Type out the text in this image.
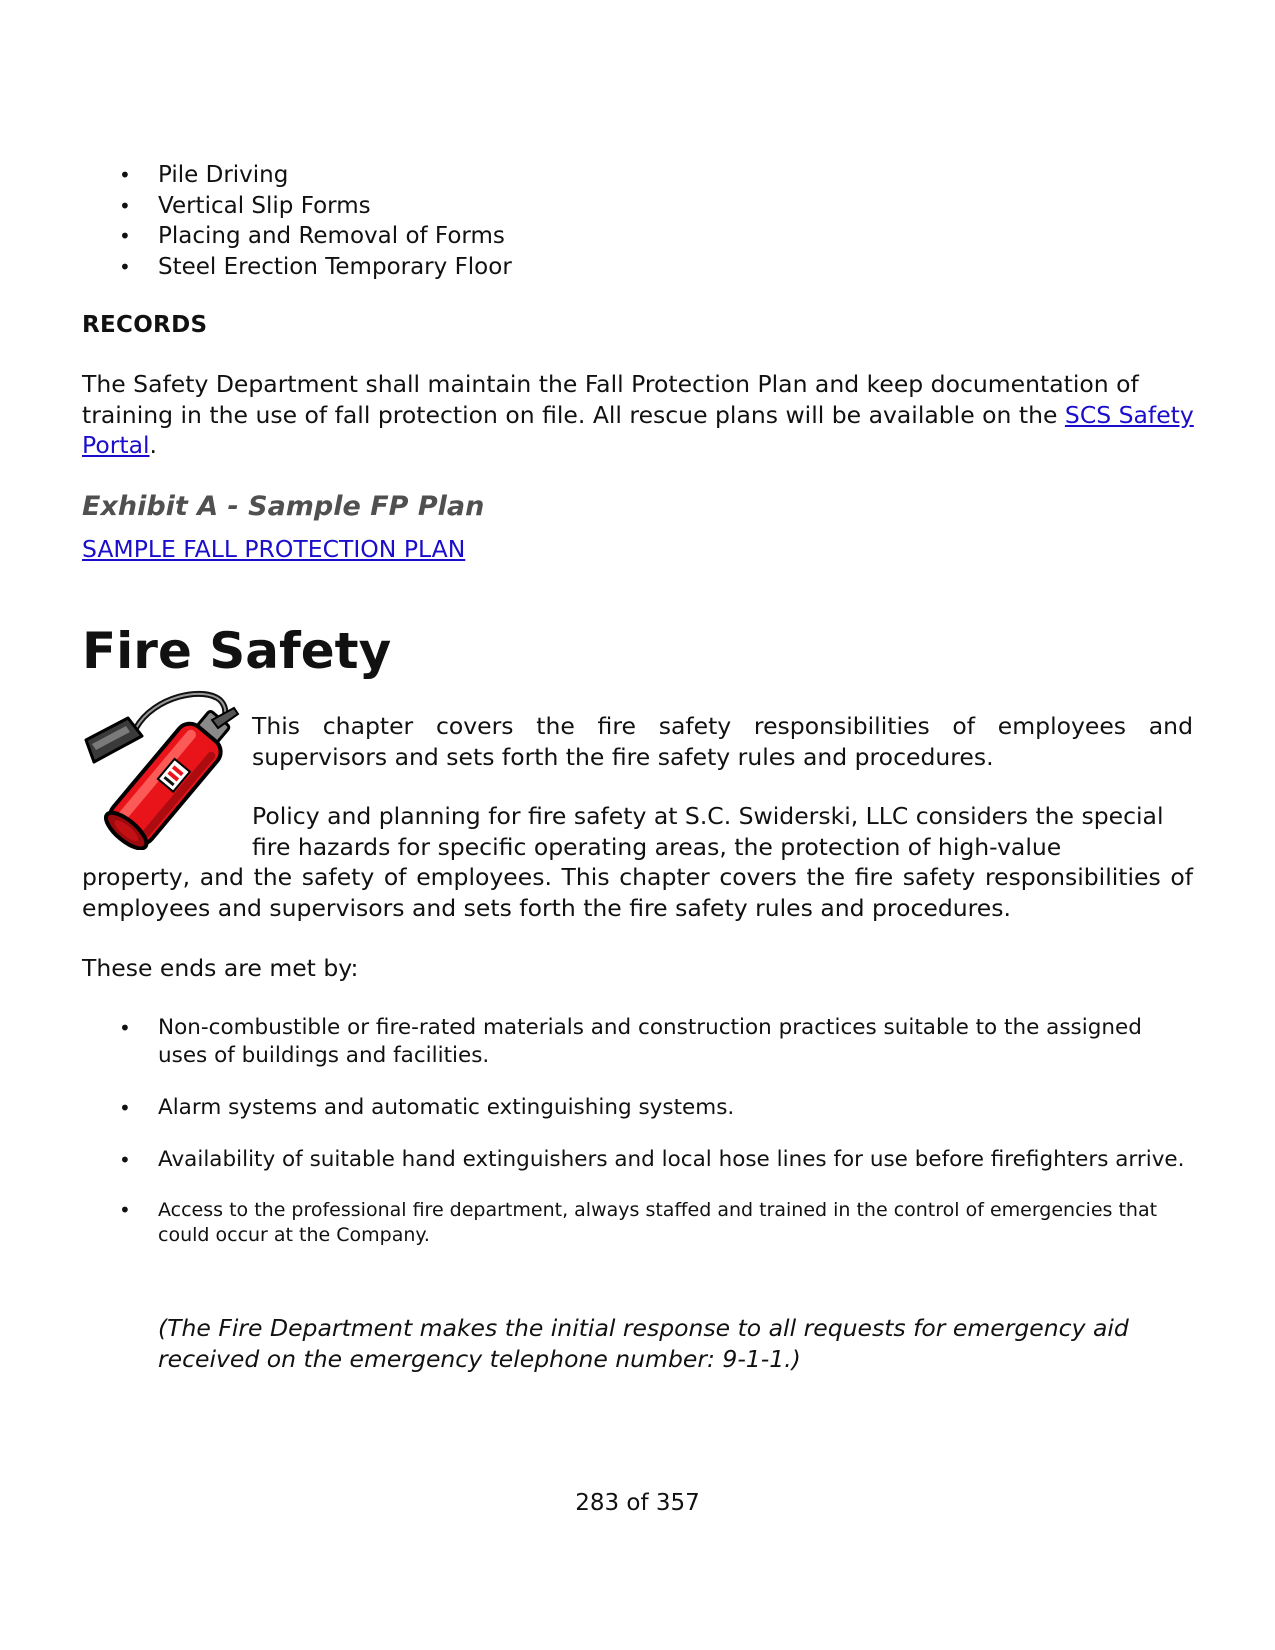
• Pile Driving
• Vertical Slip Forms
• Placing and Removal of Forms
• Steel Erection Temporary Floor
RECORDS

The Safety Department shall maintain the Fall Protection Plan and keep documentation of training in the use of fall protection on file. All rescue plans will be available on the SCS Safety Portal.

Exhibit A - Sample FP Plan
SAMPLE FALL PROTECTION PLAN
Fire Safety

This chapter covers the fire safety responsibilities of employees and supervisors and sets forth the fire safety rules and procedures.

Policy and planning for fire safety at S.C. Swiderski, LLC considers the special

fire hazards for specific operating areas, the protection of high-value

property, and the safety of employees. This chapter covers the fire safety responsibilities of employees and supervisors and sets forth the fire safety rules and procedures.

These ends are met by:

• Non-combustible or fire-rated materials and construction practices suitable to the assigned uses of buildings and facilities.
• Alarm systems and automatic extinguishing systems.
• Availability of suitable hand extinguishers and local hose lines for use before firefighters arrive.
• Access to the professional fire department, always staffed and trained in the control of emergencies that could occur at the Company.

(The Fire Department makes the initial response to all requests for emergency aid received on the emergency telephone number: 9-1-1.)

283 of 357
